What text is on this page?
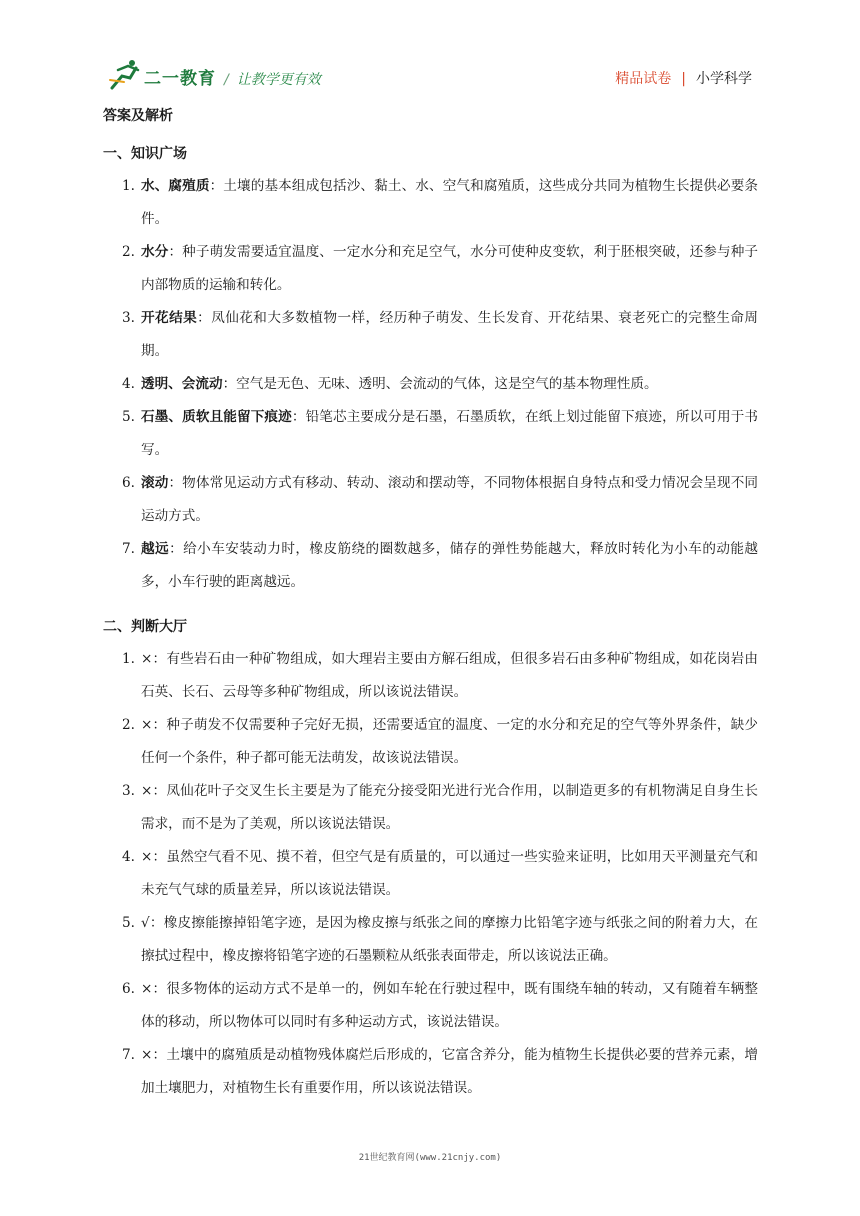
二一教育 / 让教学更有效	精品试卷 | 小学科学
答案及解析
一、知识广场
1. 水、腐殖质：土壤的基本组成包括沙、黏土、水、空气和腐殖质，这些成分共同为植物生长提供必要条件。
2. 水分：种子萌发需要适宜温度、一定水分和充足空气，水分可使种皮变软，利于胚根突破，还参与种子内部物质的运输和转化。
3. 开花结果：凤仙花和大多数植物一样，经历种子萌发、生长发育、开花结果、衰老死亡的完整生命周期。
4. 透明、会流动：空气是无色、无味、透明、会流动的气体，这是空气的基本物理性质。
5. 石墨、质软且能留下痕迹：铅笔芯主要成分是石墨，石墨质软，在纸上划过能留下痕迹，所以可用于书写。
6. 滚动：物体常见运动方式有移动、转动、滚动和摆动等，不同物体根据自身特点和受力情况会呈现不同运动方式。
7. 越远：给小车安装动力时，橡皮筋绕的圈数越多，储存的弹性势能越大，释放时转化为小车的动能越多，小车行驶的距离越远。
二、判断大厅
1. ×：有些岩石由一种矿物组成，如大理岩主要由方解石组成，但很多岩石由多种矿物组成，如花岗岩由石英、长石、云母等多种矿物组成，所以该说法错误。
2. ×：种子萌发不仅需要种子完好无损，还需要适宜的温度、一定的水分和充足的空气等外界条件，缺少任何一个条件，种子都可能无法萌发，故该说法错误。
3. ×：凤仙花叶子交叉生长主要是为了能充分接受阳光进行光合作用，以制造更多的有机物满足自身生长需求，而不是为了美观，所以该说法错误。
4. ×：虽然空气看不见、摸不着，但空气是有质量的，可以通过一些实验来证明，比如用天平测量充气和未充气气球的质量差异，所以该说法错误。
5. √：橡皮擦能擦掉铅笔字迹，是因为橡皮擦与纸张之间的摩擦力比铅笔字迹与纸张之间的附着力大，在擦拭过程中，橡皮擦将铅笔字迹的石墨颗粒从纸张表面带走，所以该说法正确。
6. ×：很多物体的运动方式不是单一的，例如车轮在行驶过程中，既有围绕车轴的转动，又有随着车辆整体的移动，所以物体可以同时有多种运动方式，该说法错误。
7. ×：土壤中的腐殖质是动植物残体腐烂后形成的，它富含养分，能为植物生长提供必要的营养元素，增加土壤肥力，对植物生长有重要作用，所以该说法错误。
21世纪教育网(www.21cnjy.com)
